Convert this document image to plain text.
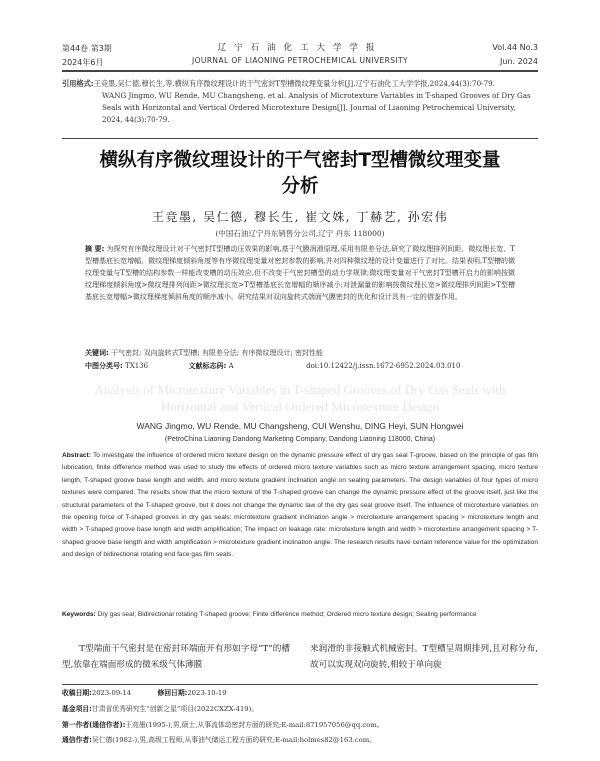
第44卷 第3期
2024年6月
辽宁石油化工大学学报
JOURNAL OF LIAONING PETROCHEMICAL UNIVERSITY
Vol.44 No.3
Jun. 2024
引用格式:王竞墨,吴仁德,穆长生,等.横纵有序微纹理设计的干气密封T型槽微纹理变量分析[J].辽宁石油化工大学学报,2024,44(3):70-79.
WANG Jingmo, WU Rende, MU Changsheng, et al. Analysis of Microtexture Variables in T-shaped Grooves of Dry Gas Seals with Horizontal and Vertical Ordered Microtexture Design[J]. Journal of Liaoning Petrochemical University, 2024, 44(3):70-79.
横纵有序微纹理设计的干气密封T型槽微纹理变量
分析
王竞墨, 吴仁德, 穆长生, 崔文姝, 丁赫艺, 孙宏伟
(中国石油辽宁丹东销售分公司,辽宁 丹东 118000)
摘 要: 为探究有序微纹理设计对干气密封T型槽动压效果的影响,基于气膜润滑原理,采用有限差分法,研究了微纹理排列间距、微纹理长宽、T型槽基底长宽增幅、微纹理梯度倾斜角度等有序微纹理变量对密封参数的影响,并对四种微纹理的设计变量进行了对比。结果表明,T型槽的微纹理变量与T型槽的结构参数一样能改变槽的动压效应,但不改变干气密封槽型的动力学规律;微纹理变量对干气密封T型槽开启力的影响按微纹理梯度倾斜角度>微纹理排列间距>微纹理长宽>T型槽基底长宽增幅的顺序减小;对泄漏量的影响按微纹理长宽>微纹理排列间距>T型槽基底长宽增幅>微纹理梯度倾斜角度的顺序减小。研究结果对双向旋转式端面气膜密封的优化和设计具有一定的借鉴作用。
关键词: 干气密封; 双向旋转式T型槽; 有限差分法; 有序微纹理设计; 密封性能
中图分类号: TX136	文献标志码: A	doi:10.12422/j.issn.1672-6952.2024.03.010
Analysis of Microtexture Variables in T-shaped Grooves of Dry Gas Seals with
Horizontal and Vertical Ordered Microtexture Design
WANG Jingmo, WU Rende, MU Changsheng, CUI Wenshu, DING Heyi, SUN Hongwei
(PetroChina Liaoning Dandong Marketing Company, Dandong Liaoning 118000, China)
Abstract: To investigate the influence of ordered micro texture design on the dynamic pressure effect of dry gas seal T-groove, based on the principle of gas film lubrication, finite difference method was used to study the effects of ordered micro texture variables such as micro texture arrangement spacing, micro texture length, T-shaped groove base length and width, and micro texture gradient inclination angle on sealing parameters. The design variables of four types of micro textures were compared. The results show that the micro texture of the T-shaped groove can change the dynamic pressure effect of the groove itself, just like the structural parameters of the T-shaped groove, but it does not change the dynamic law of the dry gas seal groove itself. The influence of microtexture variables on the opening force of T-shaped grooves in dry gas seals: microtexture gradient inclination angle > microtexture arrangement spacing > microtexture length and width > T-shaped groove base length and width amplification; The impact on leakage rate: microtexture length and width > microtexture arrangement spacing > T-shaped groove base length and width amplification > microtexture gradient inclination angle. The research results have certain reference value for the optimization and design of bidirectional rotating end face gas film seals.
Keywords: Dry gas seal; Bidirectional rotating T-shaped groove; Finite difference method; Ordered micro texture design; Sealing performance
T型端面干气密封是在密封环端面开有形如字母“T”的槽型,依靠在端面形成的微米级气体薄膜
来润滑的非接触式机械密封。T型槽呈周期排列,且对称分布,故可以实现双向旋转,相较于单向旋
收稿日期:2023-09-14	修回日期:2023-10-19
基金项目:甘肃省优秀研究生“创新之星”项目(2022CXZX-419)。
第一作者(通信作者):王竞墨(1995-),男,硕士,从事流体动密封方面的研究;E-mail:871957056@qq.com。
通信作者:吴仁德(1982-),男,高级工程师,从事油气储运工程方面的研究;E-mail:holmes82@163.com。
